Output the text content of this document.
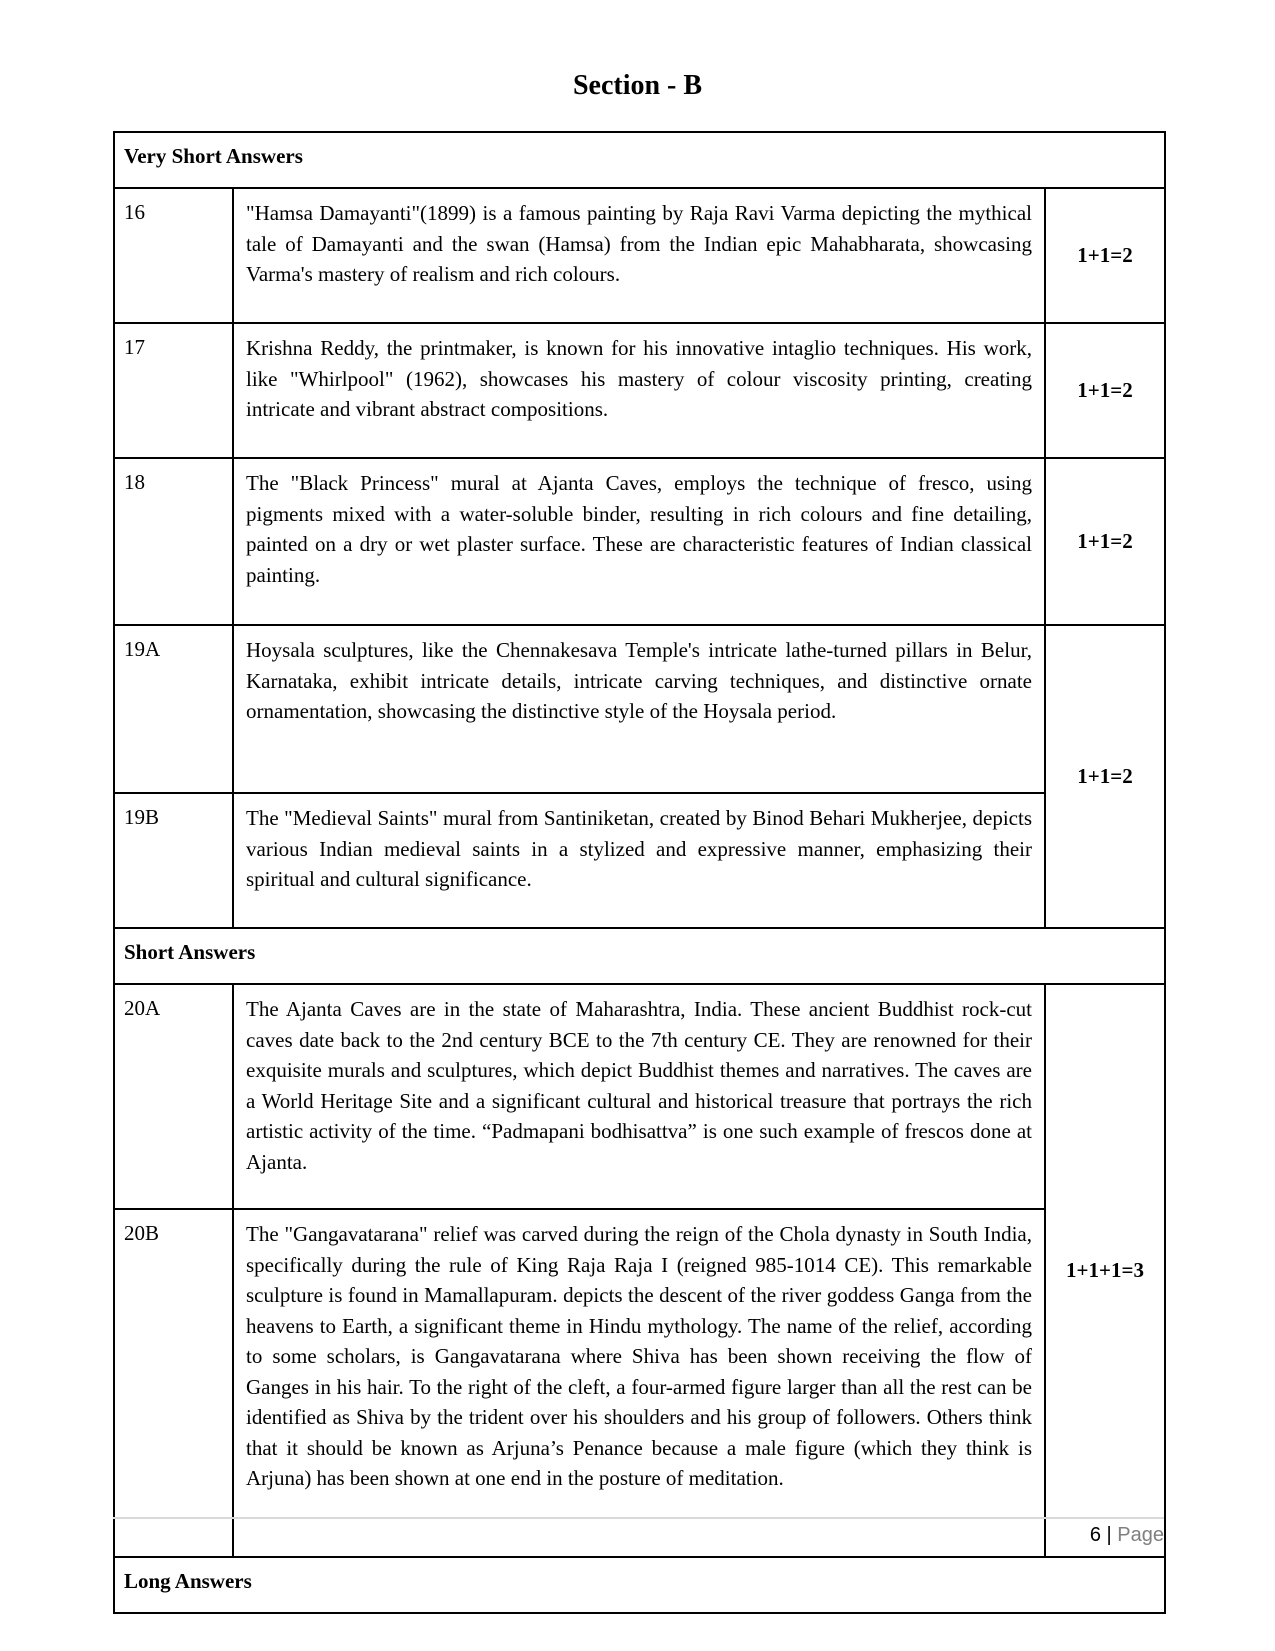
Section - B
Very Short Answers		
16	"Hamsa Damayanti"(1899) is a famous painting by Raja Ravi Varma depicting the mythical tale of Damayanti and the swan (Hamsa) from the Indian epic Mahabharata, showcasing Varma's mastery of realism and rich colours.	1+1=2
17	Krishna Reddy, the printmaker, is known for his innovative intaglio techniques. His work, like "Whirlpool" (1962), showcases his mastery of colour viscosity printing, creating intricate and vibrant abstract compositions.	1+1=2
18	The "Black Princess" mural at Ajanta Caves, employs the technique of fresco, using pigments mixed with a water-soluble binder, resulting in rich colours and fine detailing, painted on a dry or wet plaster surface. These are characteristic features of Indian classical painting.	1+1=2
19A	Hoysala sculptures, like the Chennakesava Temple's intricate lathe-turned pillars in Belur, Karnataka, exhibit intricate details, intricate carving techniques, and distinctive ornate ornamentation, showcasing the distinctive style of the Hoysala period.	1+1=2
19B	The "Medieval Saints" mural from Santiniketan, created by Binod Behari Mukherjee, depicts various Indian medieval saints in a stylized and expressive manner, emphasizing their spiritual and cultural significance.	
Short Answers		
20A	The Ajanta Caves are in the state of Maharashtra, India. These ancient Buddhist rock-cut caves date back to the 2nd century BCE to the 7th century CE. They are renowned for their exquisite murals and sculptures, which depict Buddhist themes and narratives. The caves are a World Heritage Site and a significant cultural and historical treasure that portrays the rich artistic activity of the time. “Padmapani bodhisattva” is one such example of frescos done at Ajanta.	1+1+1=3
20B	The "Gangavatarana" relief was carved during the reign of the Chola dynasty in South India, specifically during the rule of King Raja Raja I (reigned 985-1014 CE). This remarkable sculpture is found in Mamallapuram. depicts the descent of the river goddess Ganga from the heavens to Earth, a significant theme in Hindu mythology. The name of the relief, according to some scholars, is Gangavatarana where Shiva has been shown receiving the flow of Ganges in his hair. To the right of the cleft, a four-armed figure larger than all the rest can be identified as Shiva by the trident over his shoulders and his group of followers. Others think that it should be known as Arjuna’s Penance because a male figure (which they think is Arjuna) has been shown at one end in the posture of meditation.	
Long Answers		
6 | Page
